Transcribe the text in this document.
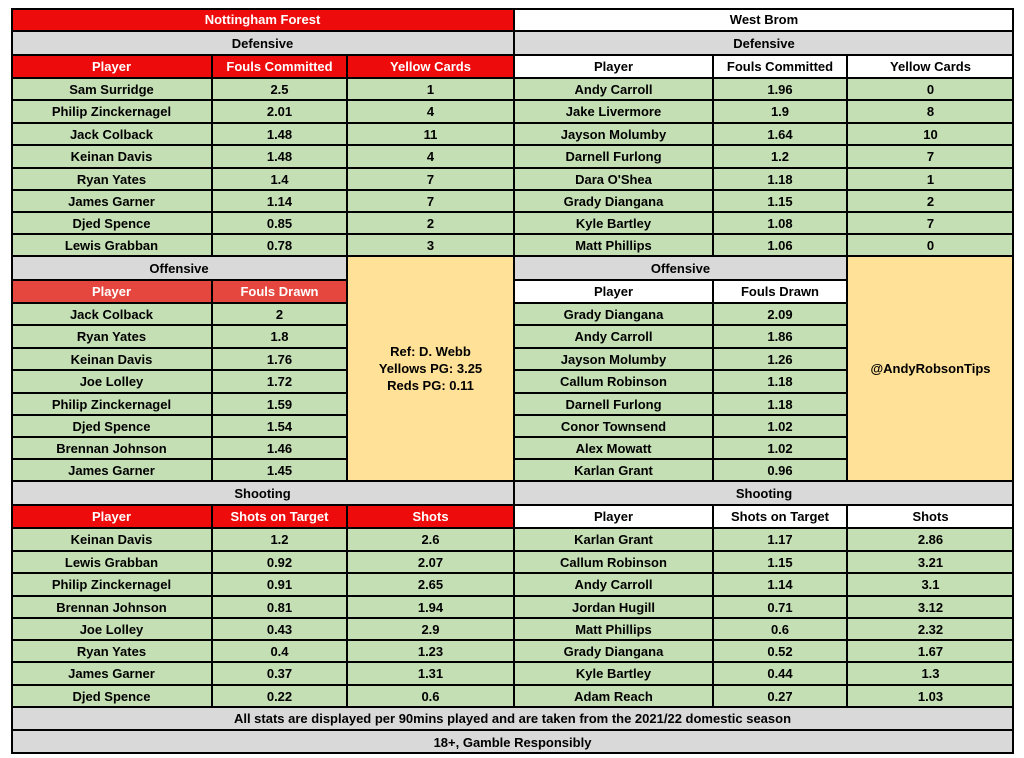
Nottingham Forest
Defensive
Player	Fouls Committed	Yellow Cards
Sam Surridge	2.5	1
Philip Zinckernagel	2.01	4
Jack Colback	1.48	11
Keinan Davis	1.48	4
Ryan Yates	1.4	7
James Garner	1.14	7
Djed Spence	0.85	2
Lewis Grabban	0.78	3
Offensive
Player	Fouls Drawn
Jack Colback	2
Ryan Yates	1.8
Keinan Davis	1.76
Joe Lolley	1.72
Philip Zinckernagel	1.59
Djed Spence	1.54
Brennan Johnson	1.46
James Garner	1.45
Ref: D. Webb
Yellows PG: 3.25
Reds PG: 0.11
Shooting
Player	Shots on Target	Shots
Keinan Davis	1.2	2.6
Lewis Grabban	0.92	2.07
Philip Zinckernagel	0.91	2.65
Brennan Johnson	0.81	1.94
Joe Lolley	0.43	2.9
Ryan Yates	0.4	1.23
James Garner	0.37	1.31
Djed Spence	0.22	0.6
West Brom
Defensive
Player	Fouls Committed	Yellow Cards
Andy Carroll	1.96	0
Jake Livermore	1.9	8
Jayson Molumby	1.64	10
Darnell Furlong	1.2	7
Dara O'Shea	1.18	1
Grady Diangana	1.15	2
Kyle Bartley	1.08	7
Matt Phillips	1.06	0
Offensive
Player	Fouls Drawn
Grady Diangana	2.09
Andy Carroll	1.86
Jayson Molumby	1.26
Callum Robinson	1.18
Darnell Furlong	1.18
Conor Townsend	1.02
Alex Mowatt	1.02
Karlan Grant	0.96
@AndyRobsonTips
Shooting
Player	Shots on Target	Shots
Karlan Grant	1.17	2.86
Callum Robinson	1.15	3.21
Andy Carroll	1.14	3.1
Jordan Hugill	0.71	3.12
Matt Phillips	0.6	2.32
Grady Diangana	0.52	1.67
Kyle Bartley	0.44	1.3
Adam Reach	0.27	1.03
All stats are displayed per 90mins played and are taken from the 2021/22 domestic season
18+, Gamble Responsibly
